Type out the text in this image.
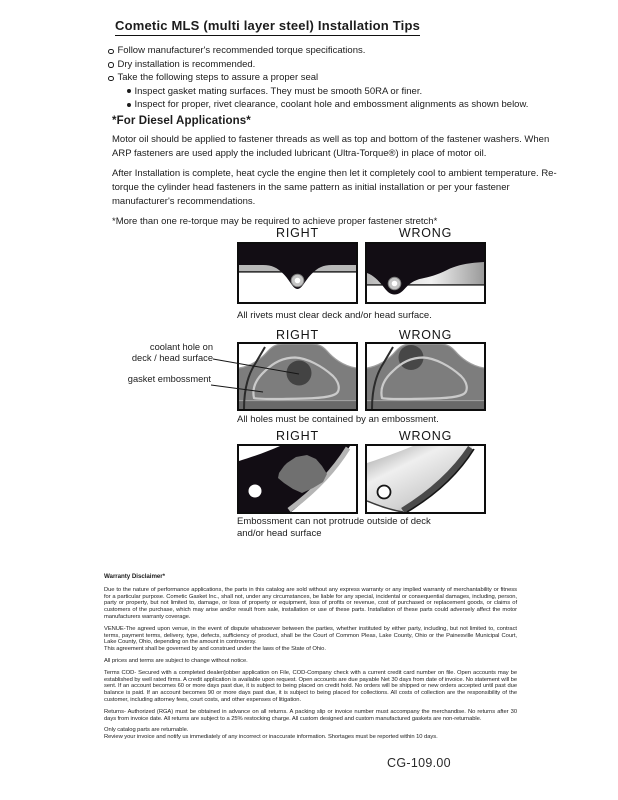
Cometic MLS (multi layer steel) Installation Tips
Follow manufacturer's recommended torque specifications.
Dry installation is recommended.
Take the following steps to assure a proper seal
Inspect gasket mating surfaces. They must be smooth 50RA or finer.
Inspect for proper, rivet clearance, coolant hole and embossment alignments as shown below.
*For Diesel Applications*

Motor oil should be applied to fastener threads as well as top and bottom of the fastener washers. When ARP fasteners are used apply the included lubricant (Ultra-Torque®) in place of motor oil.

After Installation is complete, heat cycle the engine then let it completely cool to ambient temperature. Re-torque the cylinder head fasteners in the same pattern as initial installation or per your fastener manufacturer's recommendations.

*More than one re-torque may be required to achieve proper fastener stretch*

RIGHT	WRONG
All rivets must clear deck and/or head surface.
RIGHT	WRONG
coolant hole on
deck / head surface
gasket embossment
All holes must be contained by an embossment.
RIGHT	WRONG
Embossment can not protrude outside of deck
and/or head surface

Warranty Disclaimer*

Due to the nature of performance applications, the parts in this catalog are sold without any express warranty or any implied warranty of merchantability or fitness for a particular purpose. Cometic Gasket Inc., shall not, under any circumstances, be liable for any special, incidental or consequential damages, including, person, party or property, but not limited to, damage, or loss of property or equipment, loss of profits or revenue, cost of purchased or replacement goods, or claims of customers of the purchase, which may arise and/or result from sale, installation or use of these parts. Installation of these parts could adversely affect the motor manufacturers warranty coverage.

VENUE-The agreed upon venue, in the event of dispute whatsoever between the parties, whether instituted by either party, including, but not limited to, contract terms, payment terms, delivery, type, defects, sufficiency of product, shall be the Court of Common Pleas, Lake County, Ohio or the Painesville Municipal Court, Lake County, Ohio, depending on the amount in controversy.

This agreement shall be governed by and construed under the laws of the State of Ohio.

All prices and terms are subject to change without notice.

Terms COD- Secured with a completed dealer/jobber application on File, COD-Company check with a current credit card number on file. Open accounts may be established by well rated firms. A credit application is available upon request. Open accounts are due payable Net 30 days from date of invoice. No statement will be sent. If an account becomes 60 or more days past due, it is subject to being placed on credit hold. No orders will be shipped or new orders accepted until past due balance is paid. If an account becomes 90 or more days past due, it is subject to being placed for collections. All costs of collection are the responsibility of the customer, including attorney fees, court costs, and other expenses of litigation.

Returns- Authorized (RGA) must be obtained in advance on all returns. A packing slip or invoice number must accompany the merchandise. No returns after 30 days from invoice date. All returns are subject to a 25% restocking charge. All custom designed and custom manufactured gaskets are non-returnable.

Only catalog parts are returnable.

Review your invoice and notify us immediately of any incorrect or inaccurate information. Shortages must be reported within 10 days.

CG-109.00
